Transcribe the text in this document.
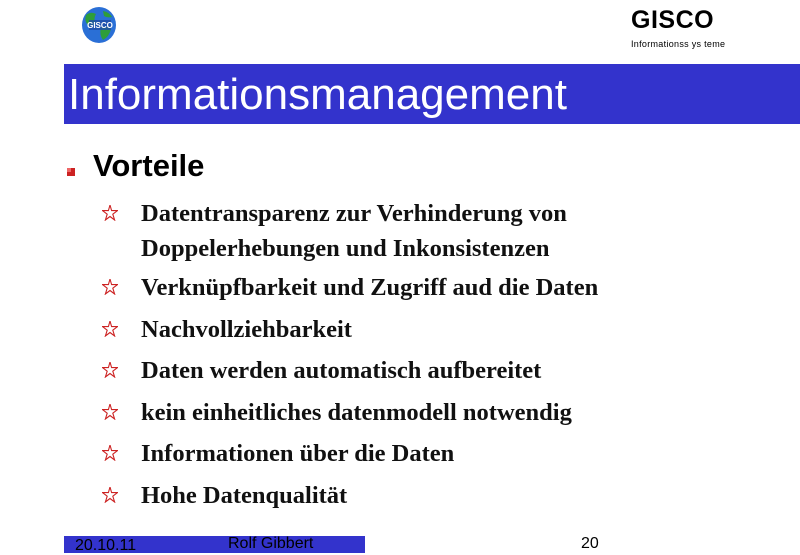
GISCO	GISCO
Informationss ys teme
Informationsmanagement
Vorteile
Datentransparenz zur Verhinderung von
Doppelerhebungen und Inkonsistenzen
Verknüpfbarkeit und Zugriff aud die Daten
Nachvollziehbarkeit
Daten werden automatisch aufbereitet
kein einheitliches datenmodell notwendig
Informationen über die Daten
Hohe Datenqualität
20.10.11	Rolf Gibbert	20
